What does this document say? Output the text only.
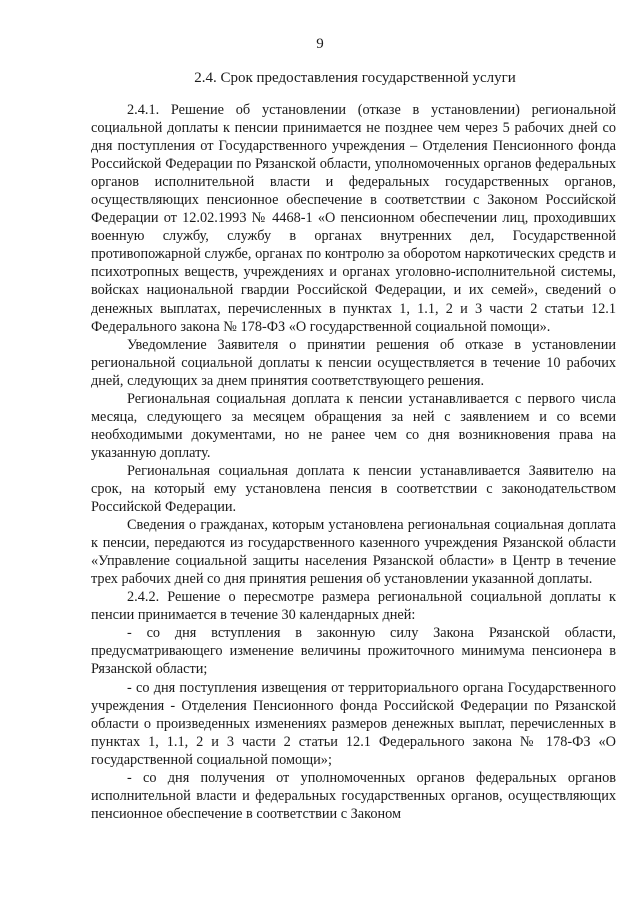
9
2.4. Срок предоставления государственной услуги

2.4.1. Решение об установлении (отказе в установлении) региональной социальной доплаты к пенсии принимается не позднее чем через 5 рабочих дней со дня поступления от Государственного учреждения – Отделения Пенсионного фонда Российской Федерации по Рязанской области, уполномоченных органов федеральных органов исполнительной власти и федеральных государственных органов, осуществляющих пенсионное обеспечение в соответствии с Законом Российской Федерации от 12.02.1993 № 4468-1 «О пенсионном обеспечении лиц, проходивших военную службу, службу в органах внутренних дел, Государственной противопожарной службе, органах по контролю за оборотом наркотических средств и психотропных веществ, учреждениях и органах уголовно-исполнительной системы, войсках национальной гвардии Российской Федерации, и их семей», сведений о денежных выплатах, перечисленных в пунктах 1, 1.1, 2 и 3 части 2 статьи 12.1 Федерального закона № 178-ФЗ «О государственной социальной помощи».

Уведомление Заявителя о принятии решения об отказе в установлении региональной социальной доплаты к пенсии осуществляется в течение 10 рабочих дней, следующих за днем принятия соответствующего решения.

Региональная социальная доплата к пенсии устанавливается с первого числа месяца, следующего за месяцем обращения за ней с заявлением и со всеми необходимыми документами, но не ранее чем со дня возникновения права на указанную доплату.

Региональная социальная доплата к пенсии устанавливается Заявителю на срок, на который ему установлена пенсия в соответствии с законодательством Российской Федерации.

Сведения о гражданах, которым установлена региональная социальная доплата к пенсии, передаются из государственного казенного учреждения Рязанской области «Управление социальной защиты населения Рязанской области» в Центр в течение трех рабочих дней со дня принятия решения об установлении указанной доплаты.

2.4.2. Решение о пересмотре размера региональной социальной доплаты к пенсии принимается в течение 30 календарных дней:

- со дня вступления в законную силу Закона Рязанской области, предусматривающего изменение величины прожиточного минимума пенсионера в Рязанской области;

- со дня поступления извещения от территориального органа Государственного учреждения - Отделения Пенсионного фонда Российской Федерации по Рязанской области о произведенных изменениях размеров денежных выплат, перечисленных в пунктах 1, 1.1, 2 и 3 части 2 статьи 12.1 Федерального закона № 178-ФЗ «О государственной социальной помощи»;

- со дня получения от уполномоченных органов федеральных органов исполнительной власти и федеральных государственных органов, осуществляющих пенсионное обеспечение в соответствии с Законом
